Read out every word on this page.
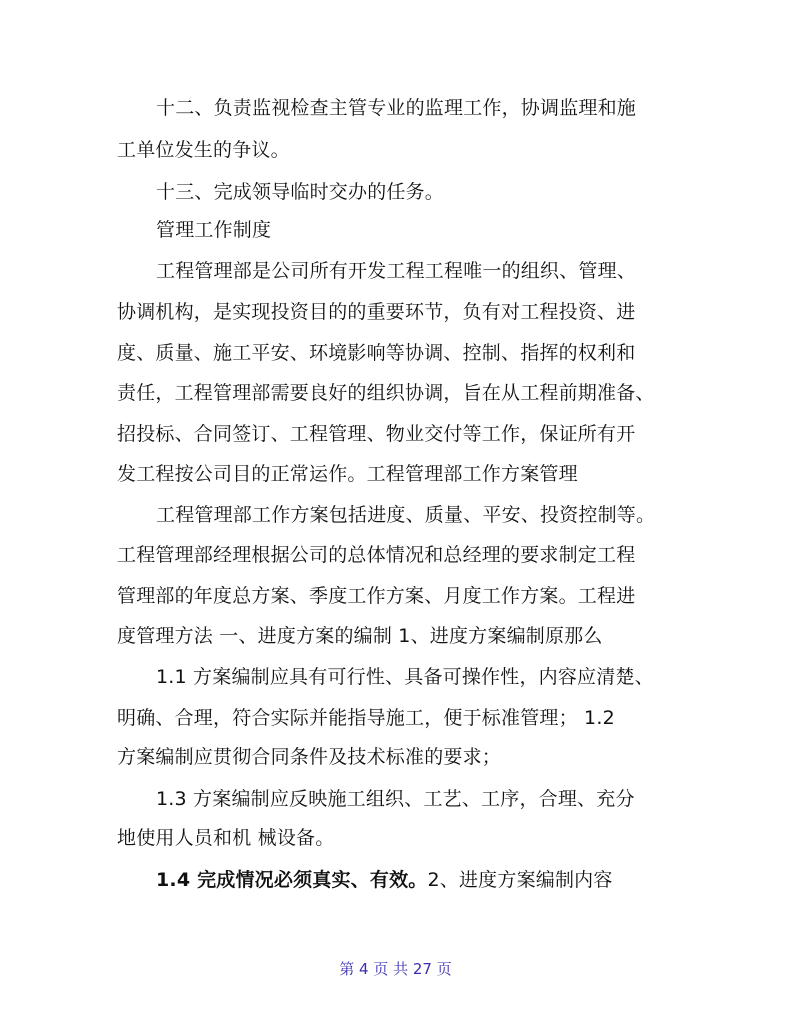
十二、负责监视检查主管专业的监理工作，协调监理和施
工单位发生的争议。
十三、完成领导临时交办的任务。
管理工作制度
工程管理部是公司所有开发工程工程唯一的组织、管理、
协调机构，是实现投资目的的重要环节，负有对工程投资、进
度、质量、施工平安、环境影响等协调、控制、指挥的权利和
责任，工程管理部需要良好的组织协调，旨在从工程前期准备、
招投标、合同签订、工程管理、物业交付等工作，保证所有开
发工程按公司目的正常运作。工程管理部工作方案管理
工程管理部工作方案包括进度、质量、平安、投资控制等。
工程管理部经理根据公司的总体情况和总经理的要求制定工程
管理部的年度总方案、季度工作方案、月度工作方案。工程进
度管理方法 一、进度方案的编制 1、进度方案编制原那么
1.1 方案编制应具有可行性、具备可操作性，内容应清楚、
明确、合理，符合实际并能指导施工，便于标准管理； 1.2
方案编制应贯彻合同条件及技术标准的要求；
1.3 方案编制应反映施工组织、工艺、工序，合理、充分
地使用人员和机 械设备。
1.4 完成情况必须真实、有效。2、进度方案编制内容
第 4 页 共 27 页
